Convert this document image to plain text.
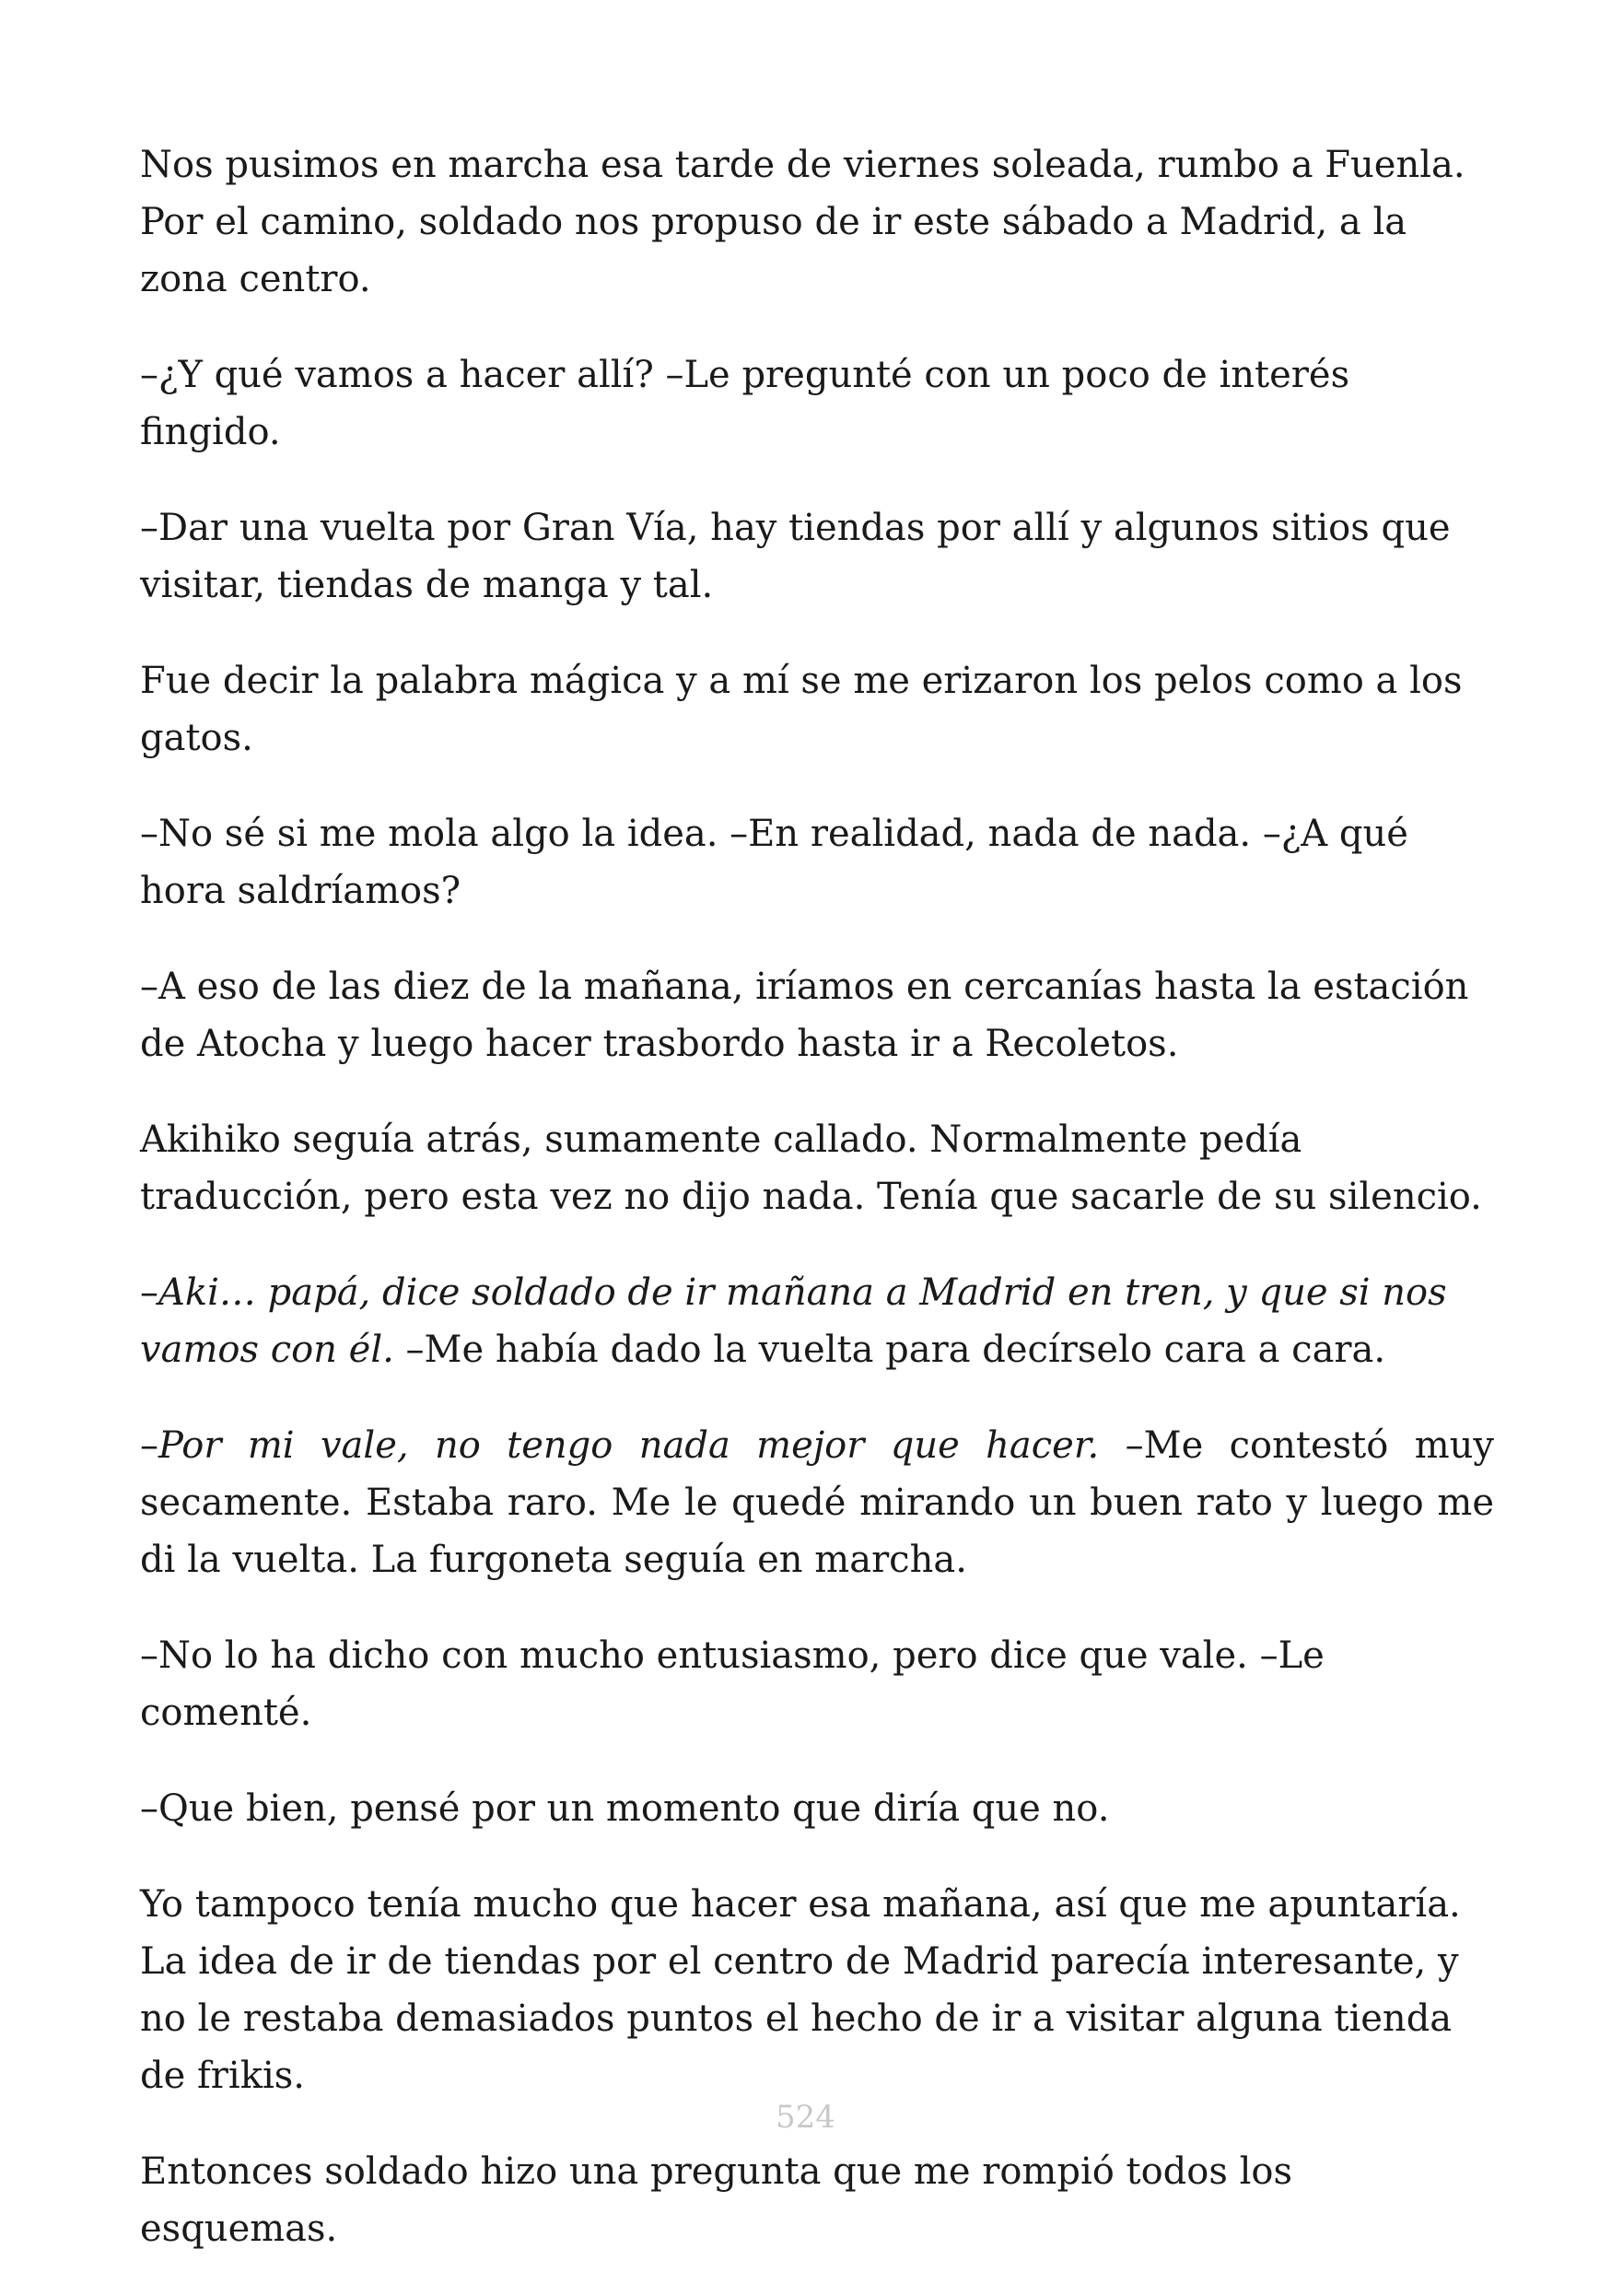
Nos pusimos en marcha esa tarde de viernes soleada, rumbo a Fuenla. Por el camino, soldado nos propuso de ir este sábado a Madrid, a la zona centro.

–¿Y qué vamos a hacer allí? –Le pregunté con un poco de interés fingido.

–Dar una vuelta por Gran Vía, hay tiendas por allí y algunos sitios que visitar, tiendas de manga y tal.

Fue decir la palabra mágica y a mí se me erizaron los pelos como a los gatos.

–No sé si me mola algo la idea. –En realidad, nada de nada. –¿A qué hora saldríamos?

–A eso de las diez de la mañana, iríamos en cercanías hasta la estación de Atocha y luego hacer trasbordo hasta ir a Recoletos.

Akihiko seguía atrás, sumamente callado. Normalmente pedía traducción, pero esta vez no dijo nada. Tenía que sacarle de su silencio.

–Aki… papá, dice soldado de ir mañana a Madrid en tren, y que si nos vamos con él. –Me había dado la vuelta para decírselo cara a cara.

–Por mi vale, no tengo nada mejor que hacer. –Me contestó muy secamente. Estaba raro. Me le quedé mirando un buen rato y luego me di la vuelta. La furgoneta seguía en marcha.

–No lo ha dicho con mucho entusiasmo, pero dice que vale. –Le comenté.

–Que bien, pensé por un momento que diría que no.

Yo tampoco tenía mucho que hacer esa mañana, así que me apuntaría. La idea de ir de tiendas por el centro de Madrid parecía interesante, y no le restaba demasiados puntos el hecho de ir a visitar alguna tienda de frikis.

Entonces soldado hizo una pregunta que me rompió todos los esquemas.

524
